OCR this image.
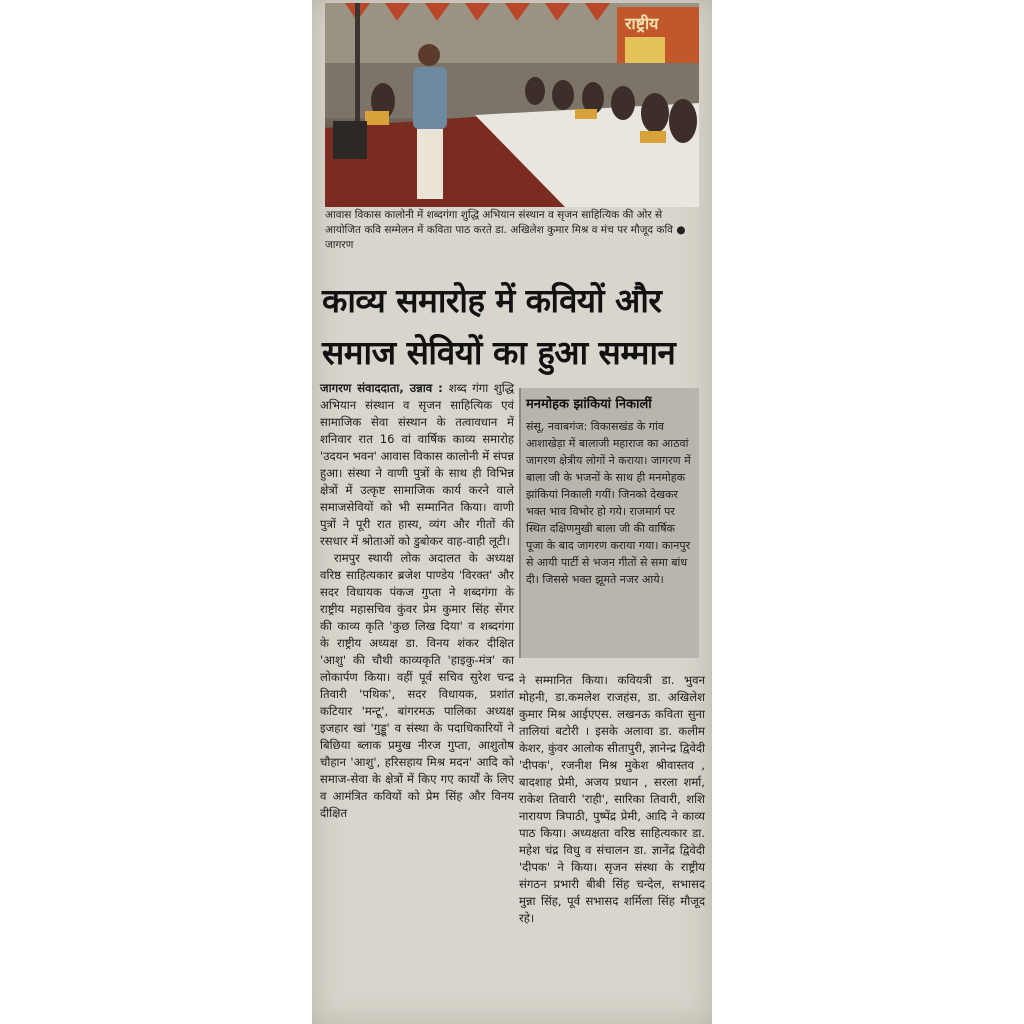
राष्ट्रीय
आवास विकास कालोनी में शब्दगंगा शुद्धि अभियान संस्थान व सृजन साहित्यिक की ओर से आयोजित कवि सम्मेलन में कविता पाठ करते डा. अखिलेश कुमार मिश्र व मंच पर मौजूद कवि ● जागरण
काव्य समारोह में कवियों और
समाज सेवियों का हुआ सम्मान

जागरण संवाददाता, उन्नाव : शब्द गंगा शुद्धि अभियान संस्थान व सृजन साहित्यिक एवं सामाजिक सेवा संस्थान के तत्वावधान में शनिवार रात 16 वां वार्षिक काव्य समारोह 'उदयन भवन' आवास विकास कालोनी में संपन्न हुआ। संस्था ने वाणी पुत्रों के साथ ही विभिन्न क्षेत्रों में उत्कृष्ट सामाजिक कार्य करने वाले समाजसेवियों को भी सम्मानित किया। वाणी पुत्रों ने पूरी रात हास्य, व्यंग और गीतों की रसधार में श्रोताओं को डुबोकर वाह-वाही लूटी।

रामपुर स्थायी लोक अदालत के अध्यक्ष वरिष्ठ साहित्यकार ब्रजेश पाण्डेय 'विरक्त' और सदर विधायक पंकज गुप्ता ने शब्दगंगा के राष्ट्रीय महासचिव कुंवर प्रेम कुमार सिंह सेंगर की काव्य कृति 'कुछ लिख दिया' व शब्दगंगा के राष्ट्रीय अध्यक्ष डा. विनय शंकर दीक्षित 'आशु' की चौथी काव्यकृति 'हाइकु-मंत्र' का लोकार्पण किया। वहीं पूर्व सचिव सुरेश चन्द्र तिवारी 'पथिक', सदर विधायक, प्रशांत कटियार 'मन्टू', बांगरमऊ पालिका अध्यक्ष इजहार खां 'गुड्डू' व संस्था के पदाधिकारियों ने बिछिया ब्लाक प्रमुख नीरज गुप्ता, आशुतोष चौहान 'आशु', हरिसहाय मिश्र मदन' आदि को समाज-सेवा के क्षेत्रों में किए गए कार्यों के लिए व आमंत्रित कवियों को प्रेम सिंह और विनय दीक्षित

मनमोहक झांकियां निकालीं
संसू, नवाबगंज: विकासखंड के गांव आशाखेड़ा में बालाजी महाराज का आठवां जागरण क्षेत्रीय लोगों ने कराया। जागरण में बाला जी के भजनों के साथ ही मनमोहक झांकियां निकाली गयीं। जिनको देखकर भक्त भाव विभोर हो गये। राजमार्ग पर स्थित दक्षिणमुखी बाला जी की वार्षिक पूजा के बाद जागरण कराया गया। कानपुर से आयी पार्टी से भजन गीतों से समा बांध दी। जिससे भक्त झूमते नजर आये।

ने सम्मानित किया। कवियत्री डा. भुवन मोहनी, डा.कमलेश राजहंस, डा. अखिलेश कुमार मिश्र आईएएस. लखनऊ कविता सुना तालियां बटोरी । इसके अलावा डा. कलीम केशर, कुंवर आलोक सीतापुरी, ज्ञानेन्द्र द्विवेदी 'दीपक', रजनीश मिश्र मुकेश श्रीवास्तव , बादशाह प्रेमी, अजय प्रधान , सरला शर्मा, राकेश तिवारी 'राही', सारिका तिवारी, शशि नारायण त्रिपाठी, पुष्पेंद्र प्रेमी, आदि ने काव्य पाठ किया। अध्यक्षता वरिष्ठ साहित्यकार डा. महेश चंद्र विधु व संचालन डा. ज्ञानेंद्र द्विवेदी 'दीपक' ने किया। सृजन संस्था के राष्ट्रीय संगठन प्रभारी बीबी सिंह चन्देल, सभासद मुन्ना सिंह, पूर्व सभासद शर्मिला सिंह मौजूद रहे।
